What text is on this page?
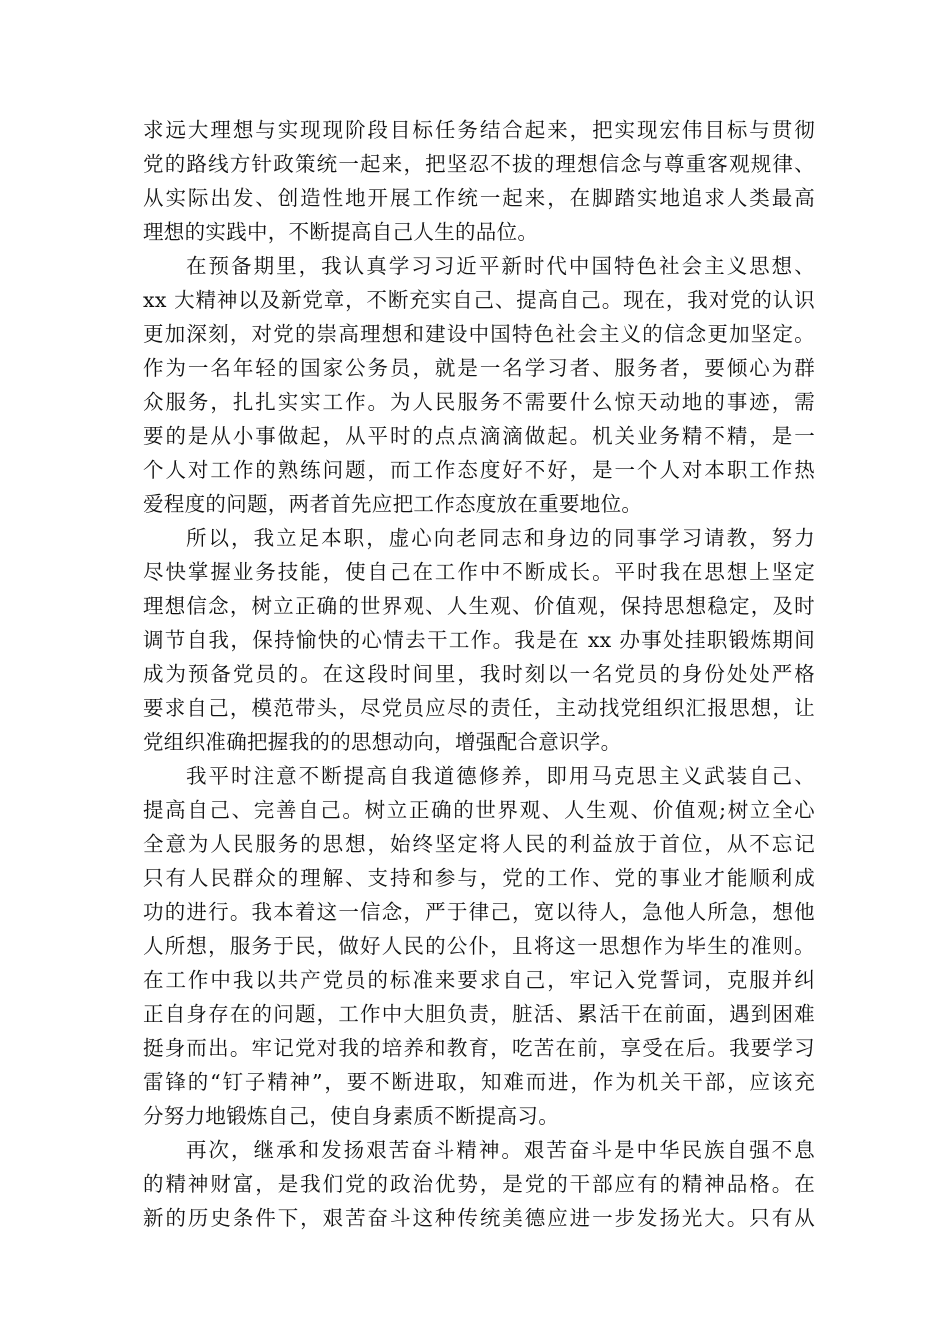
求远大理想与实现现阶段目标任务结合起来，把实现宏伟目标与贯彻
党的路线方针政策统一起来，把坚忍不拔的理想信念与尊重客观规律、
从实际出发、创造性地开展工作统一起来，在脚踏实地追求人类最高
理想的实践中，不断提高自己人生的品位。
在预备期里，我认真学习习近平新时代中国特色社会主义思想、
xx 大精神以及新党章，不断充实自己、提高自己。现在，我对党的认识
更加深刻，对党的崇高理想和建设中国特色社会主义的信念更加坚定。
作为一名年轻的国家公务员，就是一名学习者、服务者，要倾心为群
众服务，扎扎实实工作。为人民服务不需要什么惊天动地的事迹，需
要的是从小事做起，从平时的点点滴滴做起。机关业务精不精，是一
个人对工作的熟练问题，而工作态度好不好，是一个人对本职工作热
爱程度的问题，两者首先应把工作态度放在重要地位。
所以，我立足本职，虚心向老同志和身边的同事学习请教，努力
尽快掌握业务技能，使自己在工作中不断成长。平时我在思想上坚定
理想信念，树立正确的世界观、人生观、价值观，保持思想稳定，及时
调节自我，保持愉快的心情去干工作。我是在 xx 办事处挂职锻炼期间
成为预备党员的。在这段时间里，我时刻以一名党员的身份处处严格
要求自己，模范带头，尽党员应尽的责任，主动找党组织汇报思想，让
党组织准确把握我的的思想动向，增强配合意识学。
我平时注意不断提高自我道德修养，即用马克思主义武装自己、
提高自己、完善自己。树立正确的世界观、人生观、价值观;树立全心
全意为人民服务的思想，始终坚定将人民的利益放于首位，从不忘记
只有人民群众的理解、支持和参与，党的工作、党的事业才能顺利成
功的进行。我本着这一信念，严于律己，宽以待人，急他人所急，想他
人所想，服务于民，做好人民的公仆，且将这一思想作为毕生的准则。
在工作中我以共产党员的标准来要求自己，牢记入党誓词，克服并纠
正自身存在的问题，工作中大胆负责，脏活、累活干在前面，遇到困难
挺身而出。牢记党对我的培养和教育，吃苦在前，享受在后。我要学习
雷锋的“钉子精神”，要不断进取，知难而进，作为机关干部，应该充
分努力地锻炼自己，使自身素质不断提高习。
再次，继承和发扬艰苦奋斗精神。艰苦奋斗是中华民族自强不息
的精神财富，是我们党的政治优势，是党的干部应有的精神品格。在
新的历史条件下，艰苦奋斗这种传统美德应进一步发扬光大。只有从
